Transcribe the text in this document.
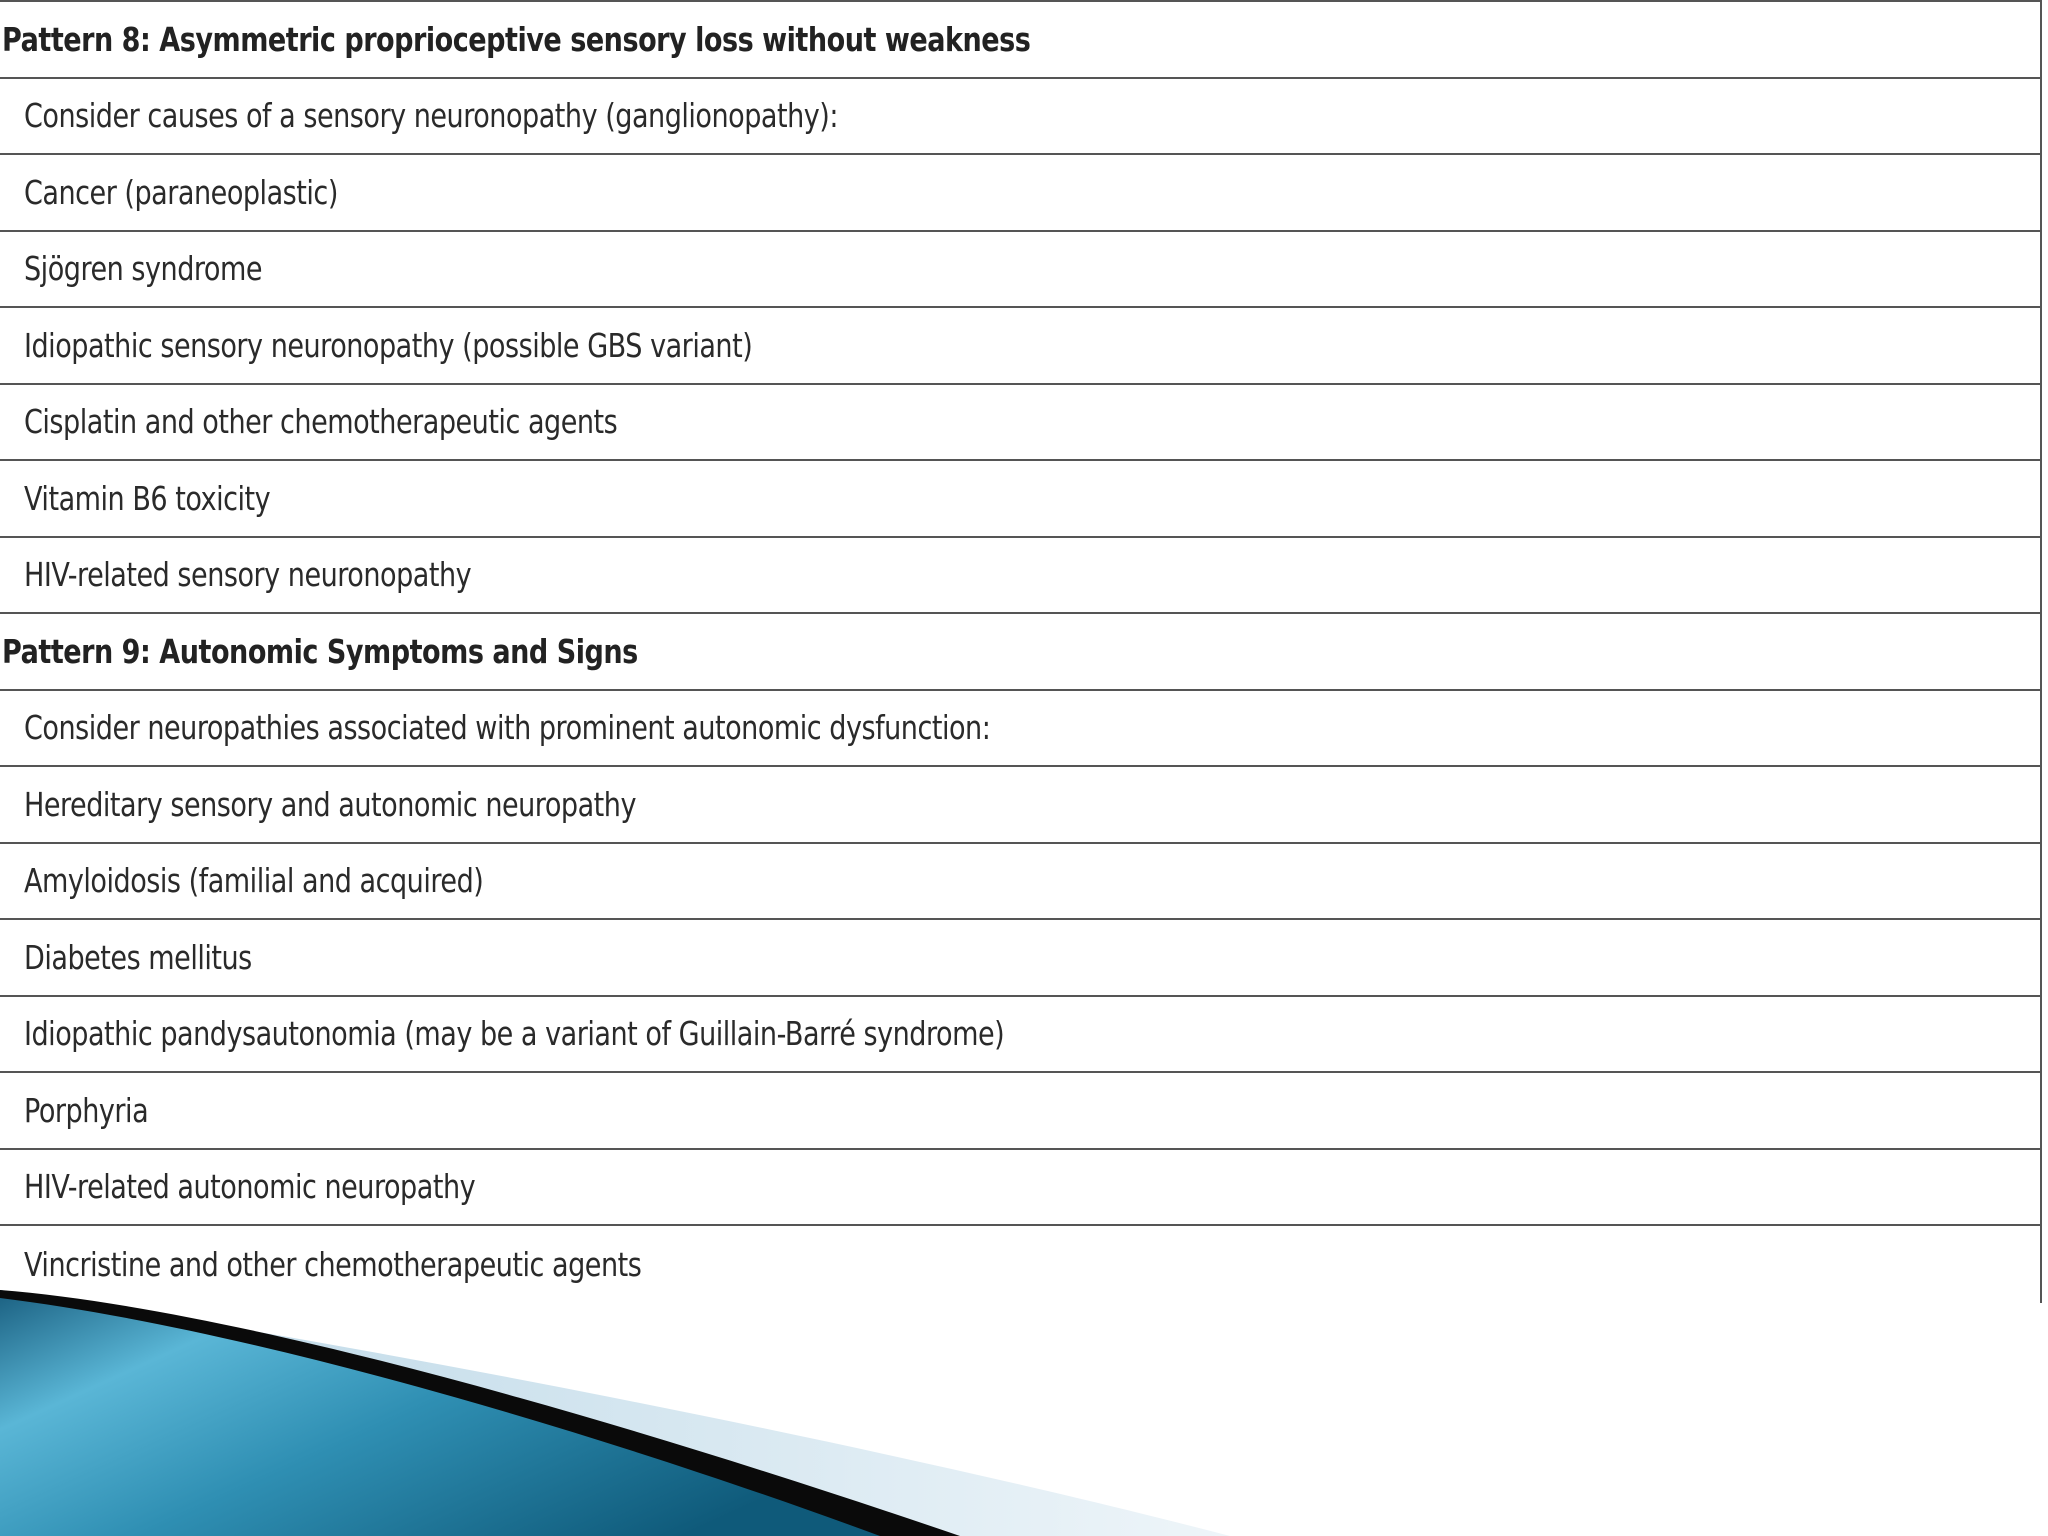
Pattern 8: Asymmetric proprioceptive sensory loss without weakness
Consider causes of a sensory neuronopathy (ganglionopathy):
Cancer (paraneoplastic)
Sjögren syndrome
Idiopathic sensory neuronopathy (possible GBS variant)
Cisplatin and other chemotherapeutic agents
Vitamin B6 toxicity
HIV-related sensory neuronopathy
Pattern 9: Autonomic Symptoms and Signs
Consider neuropathies associated with prominent autonomic dysfunction:
Hereditary sensory and autonomic neuropathy
Amyloidosis (familial and acquired)
Diabetes mellitus
Idiopathic pandysautonomia (may be a variant of Guillain-Barré syndrome)
Porphyria
HIV-related autonomic neuropathy
Vincristine and other chemotherapeutic agents
